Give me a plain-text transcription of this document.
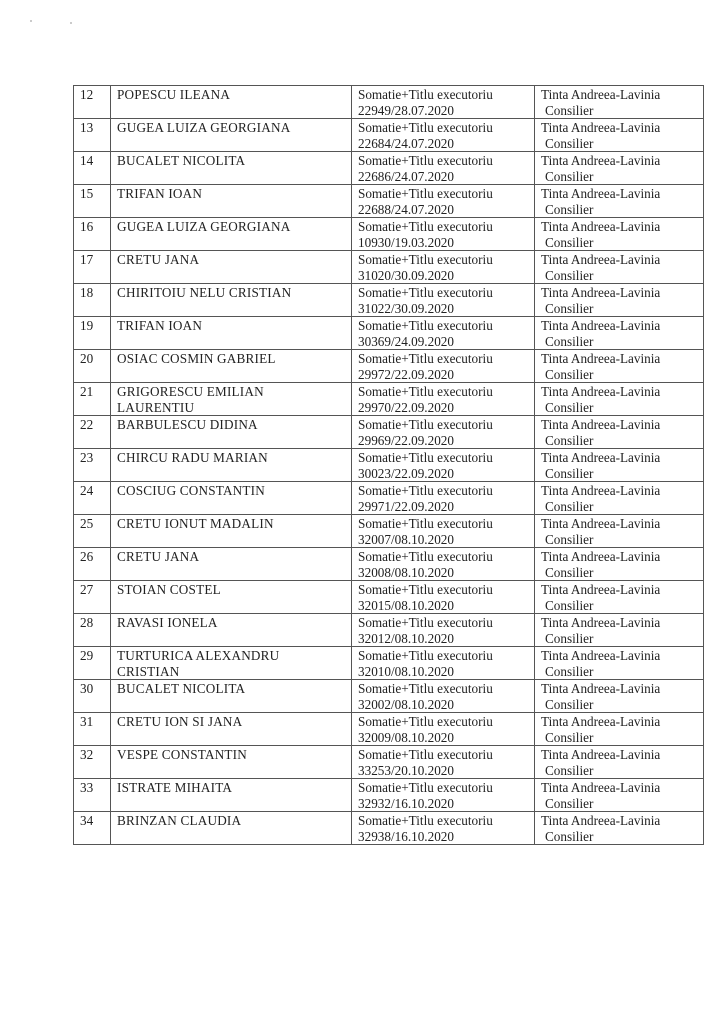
12	POPESCU ILEANA	Somatie+Titlu executoriu
22949/28.07.2020	Tinta Andreea-Lavinia
Consilier

13	GUGEA LUIZA GEORGIANA	Somatie+Titlu executoriu
22684/24.07.2020	Tinta Andreea-Lavinia
Consilier

14	BUCALET NICOLITA	Somatie+Titlu executoriu
22686/24.07.2020	Tinta Andreea-Lavinia
Consilier

15	TRIFAN IOAN	Somatie+Titlu executoriu
22688/24.07.2020	Tinta Andreea-Lavinia
Consilier

16	GUGEA LUIZA GEORGIANA	Somatie+Titlu executoriu
10930/19.03.2020	Tinta Andreea-Lavinia
Consilier

17	CRETU JANA	Somatie+Titlu executoriu
31020/30.09.2020	Tinta Andreea-Lavinia
Consilier

18	CHIRITOIU NELU CRISTIAN	Somatie+Titlu executoriu
31022/30.09.2020	Tinta Andreea-Lavinia
Consilier

19	TRIFAN IOAN	Somatie+Titlu executoriu
30369/24.09.2020	Tinta Andreea-Lavinia
Consilier

20	OSIAC COSMIN GABRIEL	Somatie+Titlu executoriu
29972/22.09.2020	Tinta Andreea-Lavinia
Consilier

21	GRIGORESCU EMILIAN
LAURENTIU	Somatie+Titlu executoriu
29970/22.09.2020	Tinta Andreea-Lavinia
Consilier

22	BARBULESCU DIDINA	Somatie+Titlu executoriu
29969/22.09.2020	Tinta Andreea-Lavinia
Consilier

23	CHIRCU RADU MARIAN	Somatie+Titlu executoriu
30023/22.09.2020	Tinta Andreea-Lavinia
Consilier

24	COSCIUG CONSTANTIN	Somatie+Titlu executoriu
29971/22.09.2020	Tinta Andreea-Lavinia
Consilier

25	CRETU IONUT MADALIN	Somatie+Titlu executoriu
32007/08.10.2020	Tinta Andreea-Lavinia
Consilier

26	CRETU JANA	Somatie+Titlu executoriu
32008/08.10.2020	Tinta Andreea-Lavinia
Consilier

27	STOIAN COSTEL	Somatie+Titlu executoriu
32015/08.10.2020	Tinta Andreea-Lavinia
Consilier

28	RAVASI IONELA	Somatie+Titlu executoriu
32012/08.10.2020	Tinta Andreea-Lavinia
Consilier

29	TURTURICA ALEXANDRU
CRISTIAN	Somatie+Titlu executoriu
32010/08.10.2020	Tinta Andreea-Lavinia
Consilier

30	BUCALET NICOLITA	Somatie+Titlu executoriu
32002/08.10.2020	Tinta Andreea-Lavinia
Consilier

31	CRETU ION SI JANA	Somatie+Titlu executoriu
32009/08.10.2020	Tinta Andreea-Lavinia
Consilier

32	VESPE CONSTANTIN	Somatie+Titlu executoriu
33253/20.10.2020	Tinta Andreea-Lavinia
Consilier

33	ISTRATE MIHAITA	Somatie+Titlu executoriu
32932/16.10.2020	Tinta Andreea-Lavinia
Consilier

34	BRINZAN CLAUDIA	Somatie+Titlu executoriu
32938/16.10.2020	Tinta Andreea-Lavinia
Consilier
